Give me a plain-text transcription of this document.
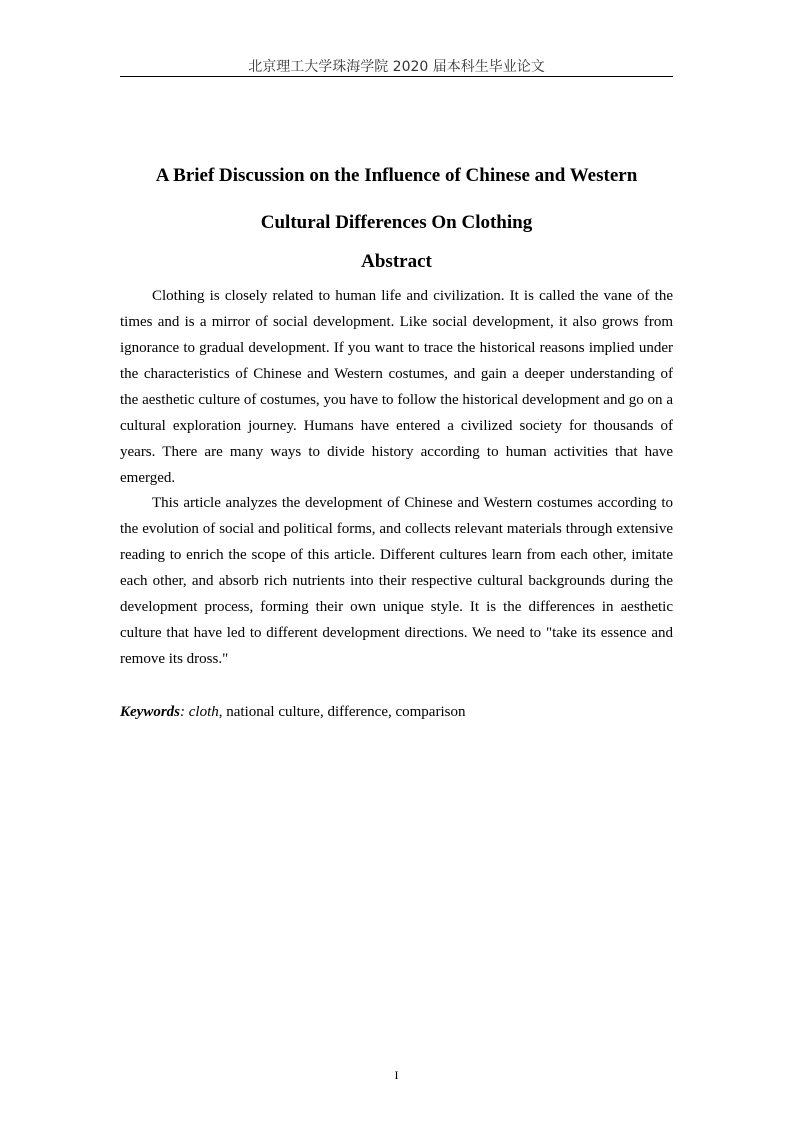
北京理工大学珠海学院 2020 届本科生毕业论文
A Brief Discussion on the Influence of Chinese and Western
Cultural Differences On Clothing
Abstract

Clothing is closely related to human life and civilization. It is called the vane of the times and is a mirror of social development. Like social development, it also grows from ignorance to gradual development. If you want to trace the historical reasons implied under the characteristics of Chinese and Western costumes, and gain a deeper understanding of the aesthetic culture of costumes, you have to follow the historical development and go on a cultural exploration journey. Humans have entered a civilized society for thousands of years. There are many ways to divide history according to human activities that have emerged.

This article analyzes the development of Chinese and Western costumes according to the evolution of social and political forms, and collects relevant materials through extensive reading to enrich the scope of this article. Different cultures learn from each other, imitate each other, and absorb rich nutrients into their respective cultural backgrounds during the development process, forming their own unique style. It is the differences in aesthetic culture that have led to different development directions. We need to "take its essence and remove its dross."

Keywords: cloth, national culture, difference, comparison
I
